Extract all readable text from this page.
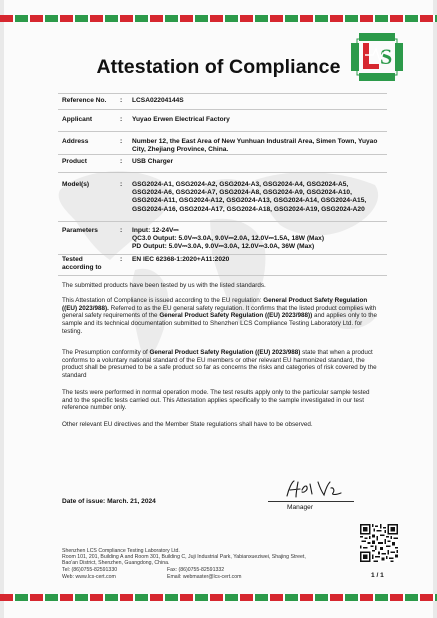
S
Attestation of Compliance
Reference No.	: LCSA02204144S
Applicant	: Yuyao Erwen Electrical Factory
Address	: Number 12, the East Area of New Yunhuan Industrail Area, Simen Town, Yuyao City, Zhejiang Province, China.
Product	: USB Charger
Model(s)	: GSG2024-A1, GSG2024-A2, GSG2024-A3, GSG2024-A4, GSG2024-A5, GSG2024-A6, GSG2024-A7, GSG2024-A8, GSG2024-A9, GSG2024-A10, GSG2024-A11, GSG2024-A12, GSG2024-A13, GSG2024-A14, GSG2024-A15, GSG2024-A16, GSG2024-A17, GSG2024-A18, GSG2024-A19, GSG2024-A20
Parameters	: Input: 12-24V⎓
QC3.0 Output: 5.0V⎓3.0A, 9.0V⎓2.0A, 12.0V⎓1.5A, 18W (Max)
PD Output: 5.0V⎓3.0A, 9.0V⎓3.0A, 12.0V⎓3.0A, 36W (Max)
Tested
according to
: EN IEC 62368-1:2020+A11:2020
The submitted products have been tested by us with the listed standards.
This Attestation of Compliance is issued according to the EU regulation: General Product Safety Regulation ((EU) 2023/988). Referred to as the EU general safety regulation. It confirms that the listed product complies with general safety requirements of the General Product Safety Regulation ((EU) 2023/988)) and applies only to the sample and its technical documentation submitted to Shenzhen LCS Compliance Testing Laboratory Ltd. for testing.
The Presumption conformity of General Product Safety Regulation ((EU) 2023/988) state that when a product conforms to a voluntary national standard of the EU members or other relevant EU harmonized standard, the product shall be presumed to be a safe product so far as concerns the risks and categories of risk covered by the standard
The tests were performed in normal operation mode. The test results apply only to the particular sample tested and to the specific tests carried out. This Attestation applies specifically to the sample investigated in our test reference number only.
Other relevant EU directives and the Member State regulations shall have to be observed.
Manager
Date of issue: March. 21, 2024
Shenzhen LCS Compliance Testing Laboratory Ltd.
Room 101, 201, Building A and Room 301, Building C, Juji Industrial Park, Yabianxueziwei, Shajing Street,
Bao'an District, Shenzhen, Guangdong, China.
Tel: (86)0755-82591330	Fax: (86)0755-82591332
Web: www.lcs-cert.com	Email: webmaster@lcs-cert.com	1 / 1
